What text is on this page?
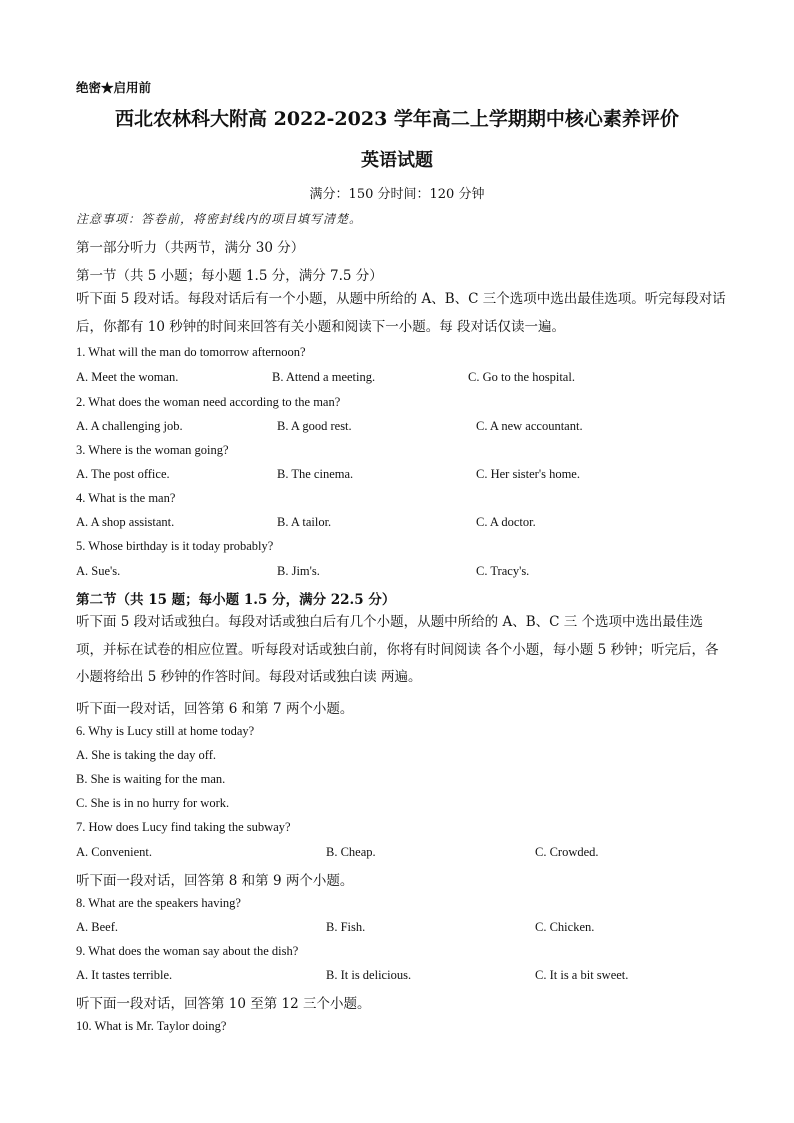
绝密★启用前
西北农林科大附高 2022-2023 学年高二上学期期中核心素养评价
英语试题
满分：150 分时间：120 分钟
注意事项：答卷前，将密封线内的项目填写清楚。
第一部分听力（共两节，满分 30 分）
第一节（共 5 小题；每小题 1.5 分，满分 7.5 分）
听下面 5 段对话。每段对话后有一个小题，从题中所给的 A、B、C 三个选项中选出最佳选项。听完每段对话后，你都有 10 秒钟的时间来回答有关小题和阅读下一小题。每 段对话仅读一遍。
1. What will the man do tomorrow afternoon?
A. Meet the woman.	B. Attend a meeting.	C. Go to the hospital.
2. What does the woman need according to the man?
A. A challenging job.	B. A good rest.	C. A new accountant.
3. Where is the woman going?
A. The post office.	B. The cinema.	C. Her sister's home.
4. What is the man?
A. A shop assistant.	B. A tailor.	C. A doctor.
5. Whose birthday is it today probably?
A. Sue's.	B. Jim's.	C. Tracy's.
第二节（共 15 题；每小题 1.5 分，满分 22.5 分）
听下面 5 段对话或独白。每段对话或独白后有几个小题，从题中所给的 A、B、C 三 个选项中选出最佳选项，并标在试卷的相应位置。听每段对话或独白前，你将有时间阅读 各个小题，每小题 5 秒钟；听完后，各小题将给出 5 秒钟的作答时间。每段对话或独白读 两遍。
听下面一段对话，回答第 6 和第 7 两个小题。
6. Why is Lucy still at home today?
A. She is taking the day off.
B. She is waiting for the man.
C. She is in no hurry for work.
7. How does Lucy find taking the subway?
A. Convenient.	B. Cheap.	C. Crowded.
听下面一段对话，回答第 8 和第 9 两个小题。
8. What are the speakers having?
A. Beef.	B. Fish.	C. Chicken.
9. What does the woman say about the dish?
A. It tastes terrible.	B. It is delicious.	C. It is a bit sweet.
听下面一段对话，回答第 10 至第 12 三个小题。
10. What is Mr. Taylor doing?
